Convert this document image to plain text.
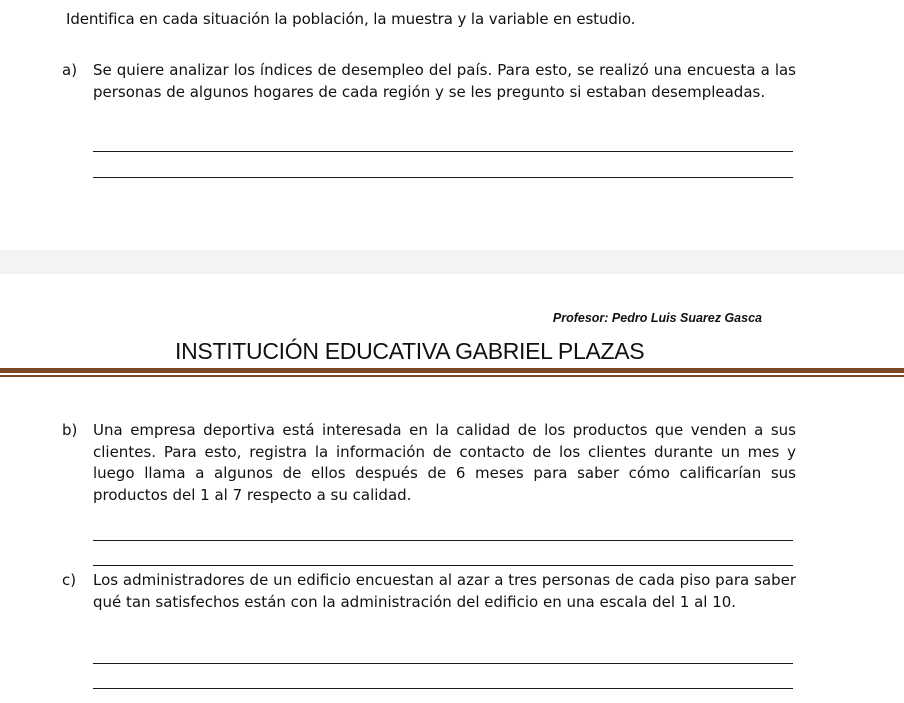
Identifica en cada situación la población, la muestra y la variable en estudio.
a) Se quiere analizar los índices de desempleo del país. Para esto, se realizó una encuesta a las personas de algunos hogares de cada región y se les pregunto si estaban desempleadas.
Profesor: Pedro Luis Suarez Gasca
INSTITUCIÓN EDUCATIVA GABRIEL PLAZAS
b) Una empresa deportiva está interesada en la calidad de los productos que venden a sus clientes. Para esto, registra la información de contacto de los clientes durante un mes y luego llama a algunos de ellos después de 6 meses para saber cómo calificarían sus productos del 1 al 7 respecto a su calidad.
c) Los administradores de un edificio encuestan al azar a tres personas de cada piso para saber qué tan satisfechos están con la administración del edificio en una escala del 1 al 10.
